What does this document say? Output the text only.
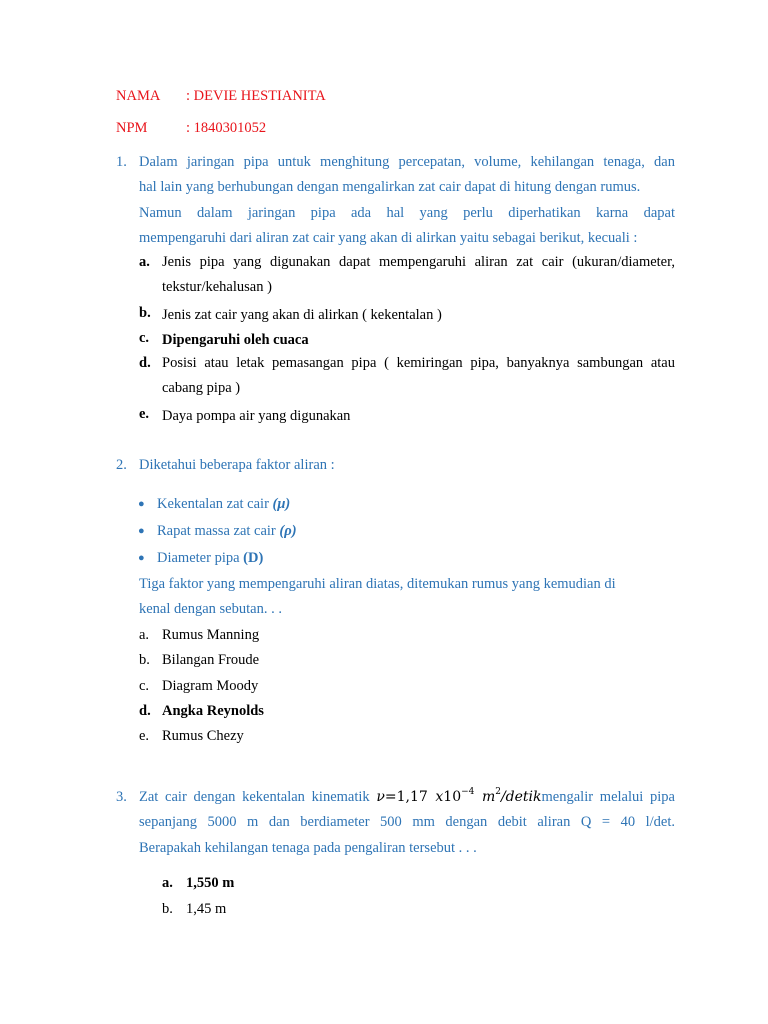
NAMA : DEVIE HESTIANITA
NPM	: 1840301052
1. Dalam jaringan pipa untuk menghitung percepatan, volume, kehilangan tenaga, dan
hal lain yang berhubungan dengan mengalirkan zat cair dapat di hitung dengan rumus.
Namun dalam jaringan pipa ada hal yang perlu diperhatikan karna dapat
mempengaruhi dari aliran zat cair yang akan di alirkan yaitu sebagai berikut, kecuali :
a. Jenis pipa yang digunakan dapat mempengaruhi aliran zat cair (ukuran/diameter,
tekstur/kehalusan )
b. Jenis zat cair yang akan di alirkan ( kekentalan )
c. Dipengaruhi oleh cuaca
d. Posisi atau letak pemasangan pipa ( kemiringan pipa, banyaknya sambungan atau
cabang pipa )
e. Daya pompa air yang digunakan
2. Diketahui beberapa faktor aliran :
● Kekentalan zat cair (μ)
● Rapat massa zat cair (ρ)
● Diameter pipa (D)
Tiga faktor yang mempengaruhi aliran diatas, ditemukan rumus yang kemudian di
kenal dengan sebutan. . .
a. Rumus Manning
b. Bilangan Froude
c. Diagram Moody
d. Angka Reynolds
e. Rumus Chezy
3. Zat cair dengan kekentalan kinematik ν=1,17 $x10^{-4}$ $m^2$/detikmengalir melalui pipa
sepanjang 5000 m dan berdiameter 500 mm dengan debit aliran Q = 40 l/det.
Berapakah kehilangan tenaga pada pengaliran tersebut . . .
a. 1,550 m
b. 1,45 m
